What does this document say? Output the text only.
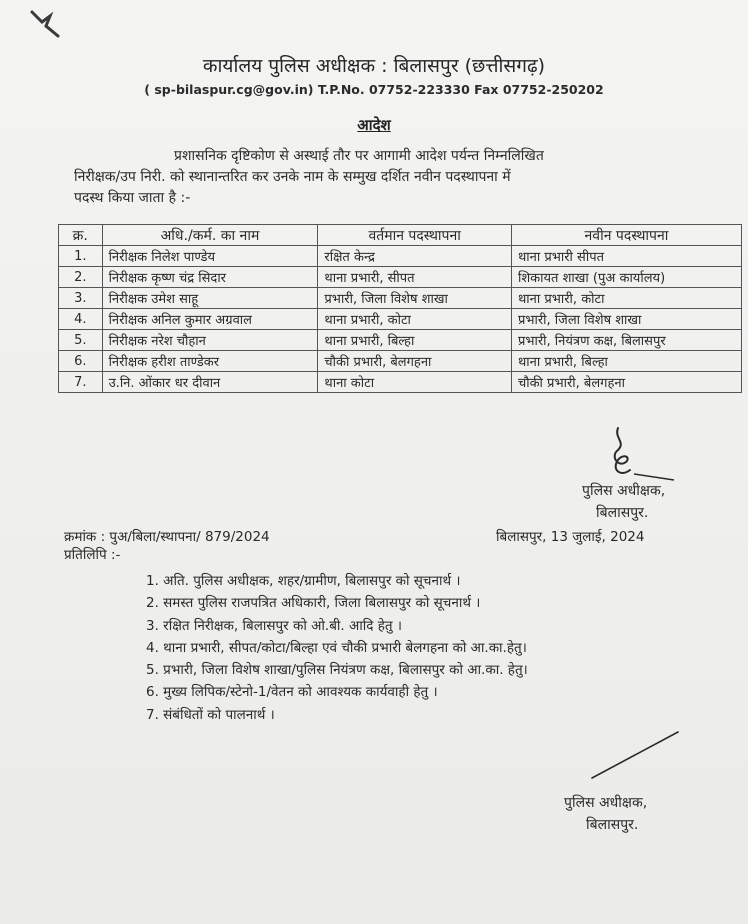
कार्यालय पुलिस अधीक्षक : बिलासपुर (छत्तीसगढ़)
( sp-bilaspur.cg@gov.in) T.P.No. 07752-223330 Fax 07752-250202
आदेश
प्रशासनिक दृष्टिकोण से अस्थाई तौर पर आगामी आदेश पर्यन्त निम्नलिखित
निरीक्षक/उप निरी. को स्थानान्तरित कर उनके नाम के सम्मुख दर्शित नवीन पदस्थापना में
पदस्थ किया जाता है :-
क्र.	अधि./कर्म. का नाम	वर्तमान पदस्थापना	नवीन पदस्थापना
1.	निरीक्षक निलेश पाण्डेय	रक्षित केन्द्र	थाना प्रभारी सीपत
2.	निरीक्षक कृष्ण चंद्र सिदार	थाना प्रभारी, सीपत	शिकायत शाखा (पुअ कार्यालय)
3.	निरीक्षक उमेश साहू	प्रभारी, जिला विशेष शाखा	थाना प्रभारी, कोटा
4.	निरीक्षक अनिल कुमार अग्रवाल	थाना प्रभारी, कोटा	प्रभारी, जिला विशेष शाखा
5.	निरीक्षक नरेश चौहान	थाना प्रभारी, बिल्हा	प्रभारी, नियंत्रण कक्ष, बिलासपुर
6.	निरीक्षक हरीश ताण्डेकर	चौकी प्रभारी, बेलगहना	थाना प्रभारी, बिल्हा
7.	उ.नि. ओंकार धर दीवान	थाना कोटा	चौकी प्रभारी, बेलगहना
पुलिस अधीक्षक,
बिलासपुर.
क्रमांक : पुअ/बिला/स्थापना/ 879/2024	बिलासपुर, 13 जुलाई, 2024
प्रतिलिपि :-
1. अति. पुलिस अधीक्षक, शहर/ग्रामीण, बिलासपुर को सूचनार्थ ।
2. समस्त पुलिस राजपत्रित अधिकारी, जिला बिलासपुर को सूचनार्थ ।
3. रक्षित निरीक्षक, बिलासपुर को ओ.बी. आदि हेतु ।
4. थाना प्रभारी, सीपत/कोटा/बिल्हा एवं चौकी प्रभारी बेलगहना को आ.का.हेतु।
5. प्रभारी, जिला विशेष शाखा/पुलिस नियंत्रण कक्ष, बिलासपुर को आ.का. हेतु।
6. मुख्य लिपिक/स्टेनो-1/वेतन को आवश्यक कार्यवाही हेतु ।
7. संबंधितों को पालनार्थ ।
पुलिस अधीक्षक,
बिलासपुर.
